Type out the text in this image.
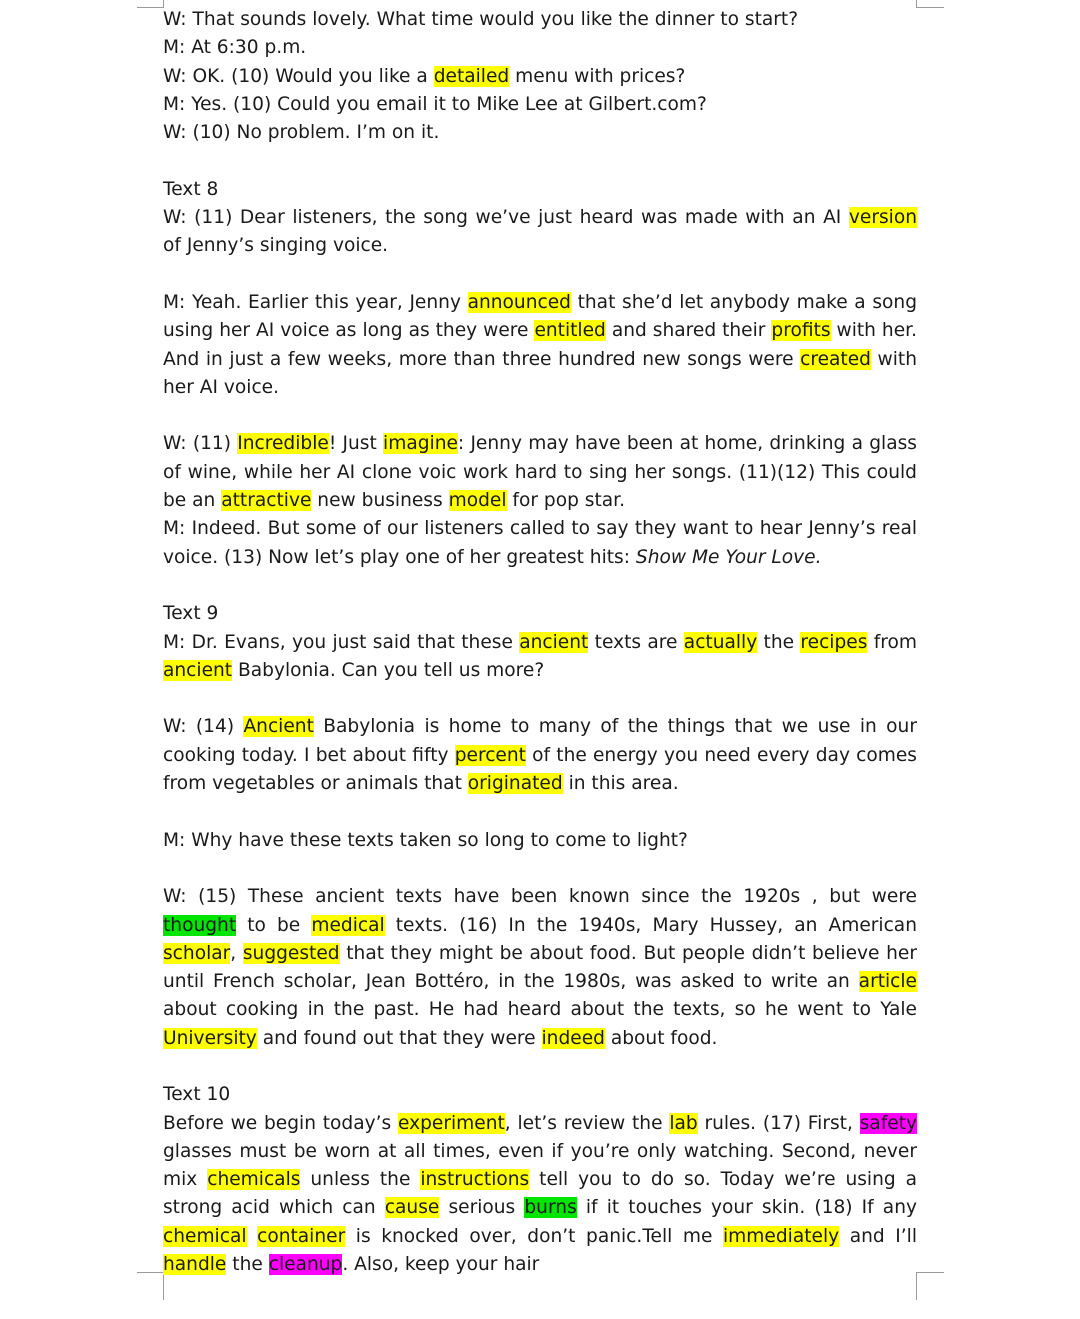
W: That sounds lovely. What time would you like the dinner to start?

M: At 6:30 p.m.

W: OK. (10) Would you like a detailed menu with prices?

M: Yes. (10) Could you email it to Mike Lee at Gilbert.com?

W: (10) No problem. I’m on it.

Text 8

W: (11) Dear listeners, the song we’ve just heard was made with an AI version of Jenny’s singing voice.

M: Yeah. Earlier this year, Jenny announced that she’d let anybody make a song using her AI voice as long as they were entitled and shared their profits with her. And in just a few weeks, more than three hundred new songs were created with her AI voice.

W: (11) Incredible! Just imagine: Jenny may have been at home, drinking a glass of wine, while her AI clone voic work hard to sing her songs. (11)(12) This could be an attractive new business model for pop star.

M: Indeed. But some of our listeners called to say they want to hear Jenny’s real voice. (13) Now let’s play one of her greatest hits: Show Me Your Love.

Text 9

M: Dr. Evans, you just said that these ancient texts are actually the recipes from ancient Babylonia. Can you tell us more?

W: (14) Ancient Babylonia is home to many of the things that we use in our cooking today. I bet about fifty percent of the energy you need every day comes from vegetables or animals that originated in this area.

M: Why have these texts taken so long to come to light?

W: (15) These ancient texts have been known since the 1920s , but were thought to be medical texts. (16) In the 1940s, Mary Hussey, an American scholar, suggested that they might be about food. But people didn’t believe her until French scholar, Jean Bottéro, in the 1980s, was asked to write an article about cooking in the past. He had heard about the texts, so he went to Yale University and found out that they were indeed about food.

Text 10

Before we begin today’s experiment, let’s review the lab rules. (17) First, safety glasses must be worn at all times, even if you’re only watching. Second, never mix chemicals unless the instructions tell you to do so. Today we’re using a strong acid which can cause serious burns if it touches your skin. (18) If any chemical container is knocked over, don’t panic.Tell me immediately and I’ll handle the cleanup. Also, keep your hair
